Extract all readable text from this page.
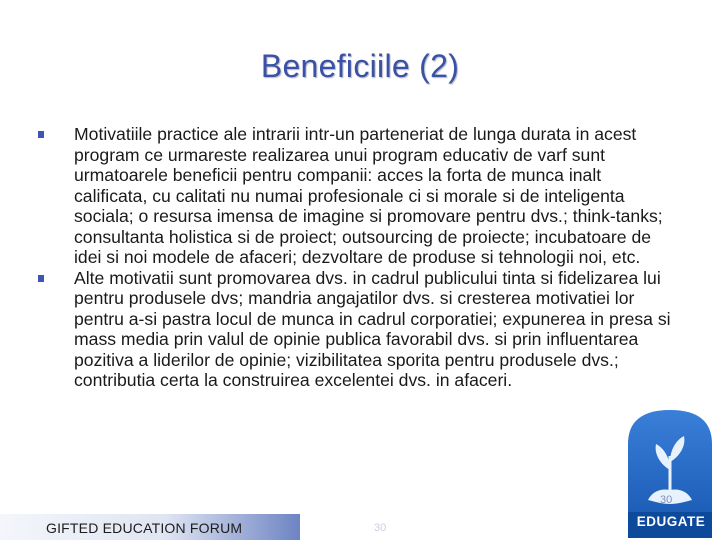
Beneficiile (2)
Motivatiile practice ale intrarii intr-un parteneriat de lunga durata in acest program ce urmareste realizarea unui program educativ de varf sunt urmatoarele beneficii pentru companii: acces la forta de munca inalt calificata, cu calitati nu numai profesionale ci si morale si de inteligenta sociala; o resursa imensa de imagine si promovare pentru dvs.; think-tanks; consultanta holistica si de proiect; outsourcing de proiecte; incubatoare de idei si noi modele de afaceri; dezvoltare de produse si tehnologii noi, etc.
Alte motivatii sunt promovarea dvs. in cadrul publicului tinta si fidelizarea lui pentru produsele dvs; mandria angajatilor dvs. si cresterea motivatiei lor pentru a-si pastra locul de munca in cadrul corporatiei; expunerea in presa si mass media prin valul de opinie publica favorabil dvs. si prin influentarea pozitiva a liderilor de opinie; vizibilitatea sporita pentru produsele dvs.; contributia certa la construirea excelentei dvs. in afaceri.
EDUGATE
30
GIFTED EDUCATION FORUM	30
